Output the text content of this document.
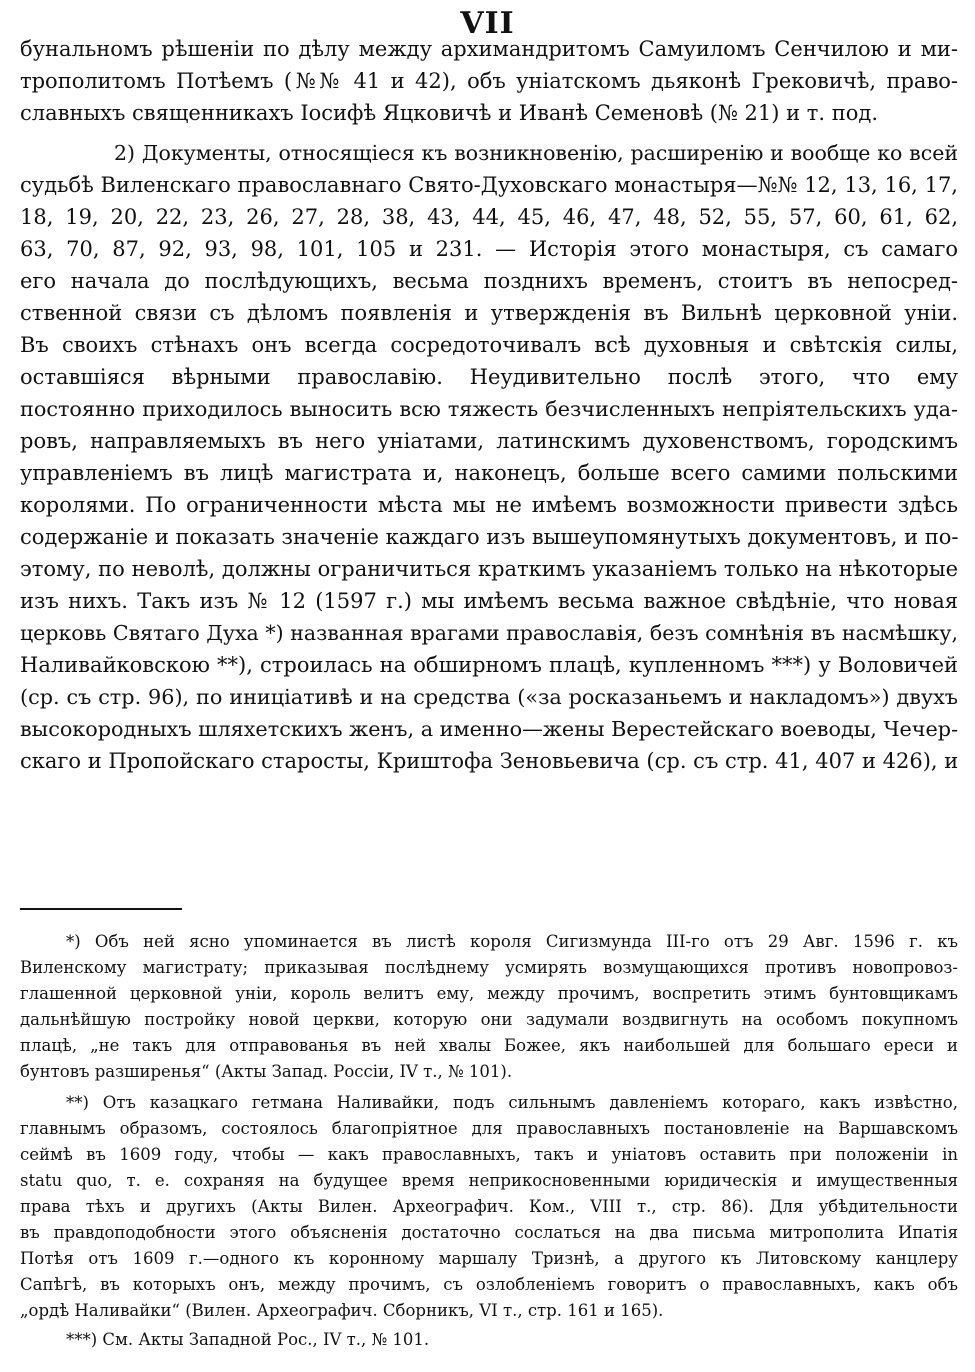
VII
бунальномъ рѣшеніи по дѣлу между архимандритомъ Самуиломъ Сенчилою и ми-
трополитомъ Потѣемъ (№№ 41 и 42), объ уніатскомъ дьяконѣ Грековичѣ, право-
славныхъ священникахъ Іосифѣ Яцковичѣ и Иванѣ Семеновѣ (№ 21) и т. под.
2) Документы, относящіеся къ возникновенію, расширенію и вообще ко всей
судьбѣ Виленскаго православнаго Свято-Духовскаго монастыря—№№ 12, 13, 16, 17,
18, 19, 20, 22, 23, 26, 27, 28, 38, 43, 44, 45, 46, 47, 48, 52, 55, 57, 60, 61, 62,
63, 70, 87, 92, 93, 98, 101, 105 и 231. — Исторія этого монастыря, съ самаго
его начала до послѣдующихъ, весьма позднихъ временъ, стоитъ въ непосред-
ственной связи съ дѣломъ появленія и утвержденія въ Вильнѣ церковной уніи.
Въ своихъ стѣнахъ онъ всегда сосредоточивалъ всѣ духовныя и свѣтскія силы,
оставшіяся вѣрными православію. Неудивительно послѣ этого, что ему
постоянно приходилось выносить всю тяжесть безчисленныхъ непріятельскихъ уда-
ровъ, направляемыхъ въ него уніатами, латинскимъ духовенствомъ, городскимъ
управленіемъ въ лицѣ магистрата и, наконецъ, больше всего самими польскими
королями. По ограниченности мѣста мы не имѣемъ возможности привести здѣсь
содержаніе и показать значеніе каждаго изъ вышеупомянутыхъ документовъ, и по-
этому, по неволѣ, должны ограничиться краткимъ указаніемъ только на нѣкоторые
изъ нихъ. Такъ изъ № 12 (1597 г.) мы имѣемъ весьма важное свѣдѣніе, что новая
церковь Святаго Духа *) названная врагами православія, безъ сомнѣнія въ насмѣшку,
Наливайковскою **), строилась на обширномъ плацѣ, купленномъ ***) у Воловичей
(ср. съ стр. 96), по иниціативѣ и на средства («за росказаньемъ и накладомъ») двухъ
высокородныхъ шляхетскихъ женъ, а именно—жены Верестейскаго воеводы, Чечер-
скаго и Пропойскаго старосты, Криштофа Зеновьевича (ср. съ стр. 41, 407 и 426), и
*) Объ ней ясно упоминается въ листѣ короля Сигизмунда III-го отъ 29 Авг. 1596 г. къ
Виленскому магистрату; приказывая послѣднему усмирять возмущающихся противъ новопровоз-
глашенной церковной уніи, король велитъ ему, между прочимъ, воспретить этимъ бунтовщикамъ
дальнѣйшую постройку новой церкви, которую они задумали воздвигнуть на особомъ покупномъ
плацѣ, „не такъ для отправованья въ ней хвалы Божее, якъ наибольшей для большаго ереси и
бунтовъ разширенья“ (Акты Запад. Россіи, IV т., № 101).
**) Отъ казацкаго гетмана Наливайки, подъ сильнымъ давленіемъ котораго, какъ извѣстно,
главнымъ образомъ, состоялось благопріятное для православныхъ постановленіе на Варшавскомъ
сеймѣ въ 1609 году, чтобы — какъ православныхъ, такъ и уніатовъ оставить при положеніи in
statu quo, т. е. сохраняя на будущее время неприкосновенными юридическія и имущественныя
права тѣхъ и другихъ (Акты Вилен. Археографич. Ком., VIII т., стр. 86). Для убѣдительности
въ правдоподобности этого объясненія достаточно сослаться на два письма митрополита Ипатія
Потѣя отъ 1609 г.—одного къ коронному маршалу Тризнѣ, а другого къ Литовскому канцлеру
Сапѣгѣ, въ которыхъ онъ, между прочимъ, съ озлобленіемъ говоритъ о православныхъ, какъ объ
„ордѣ Наливайки“ (Вилен. Археографич. Сборникъ, VI т., стр. 161 и 165).
***) См. Акты Западной Рос., IV т., № 101.
